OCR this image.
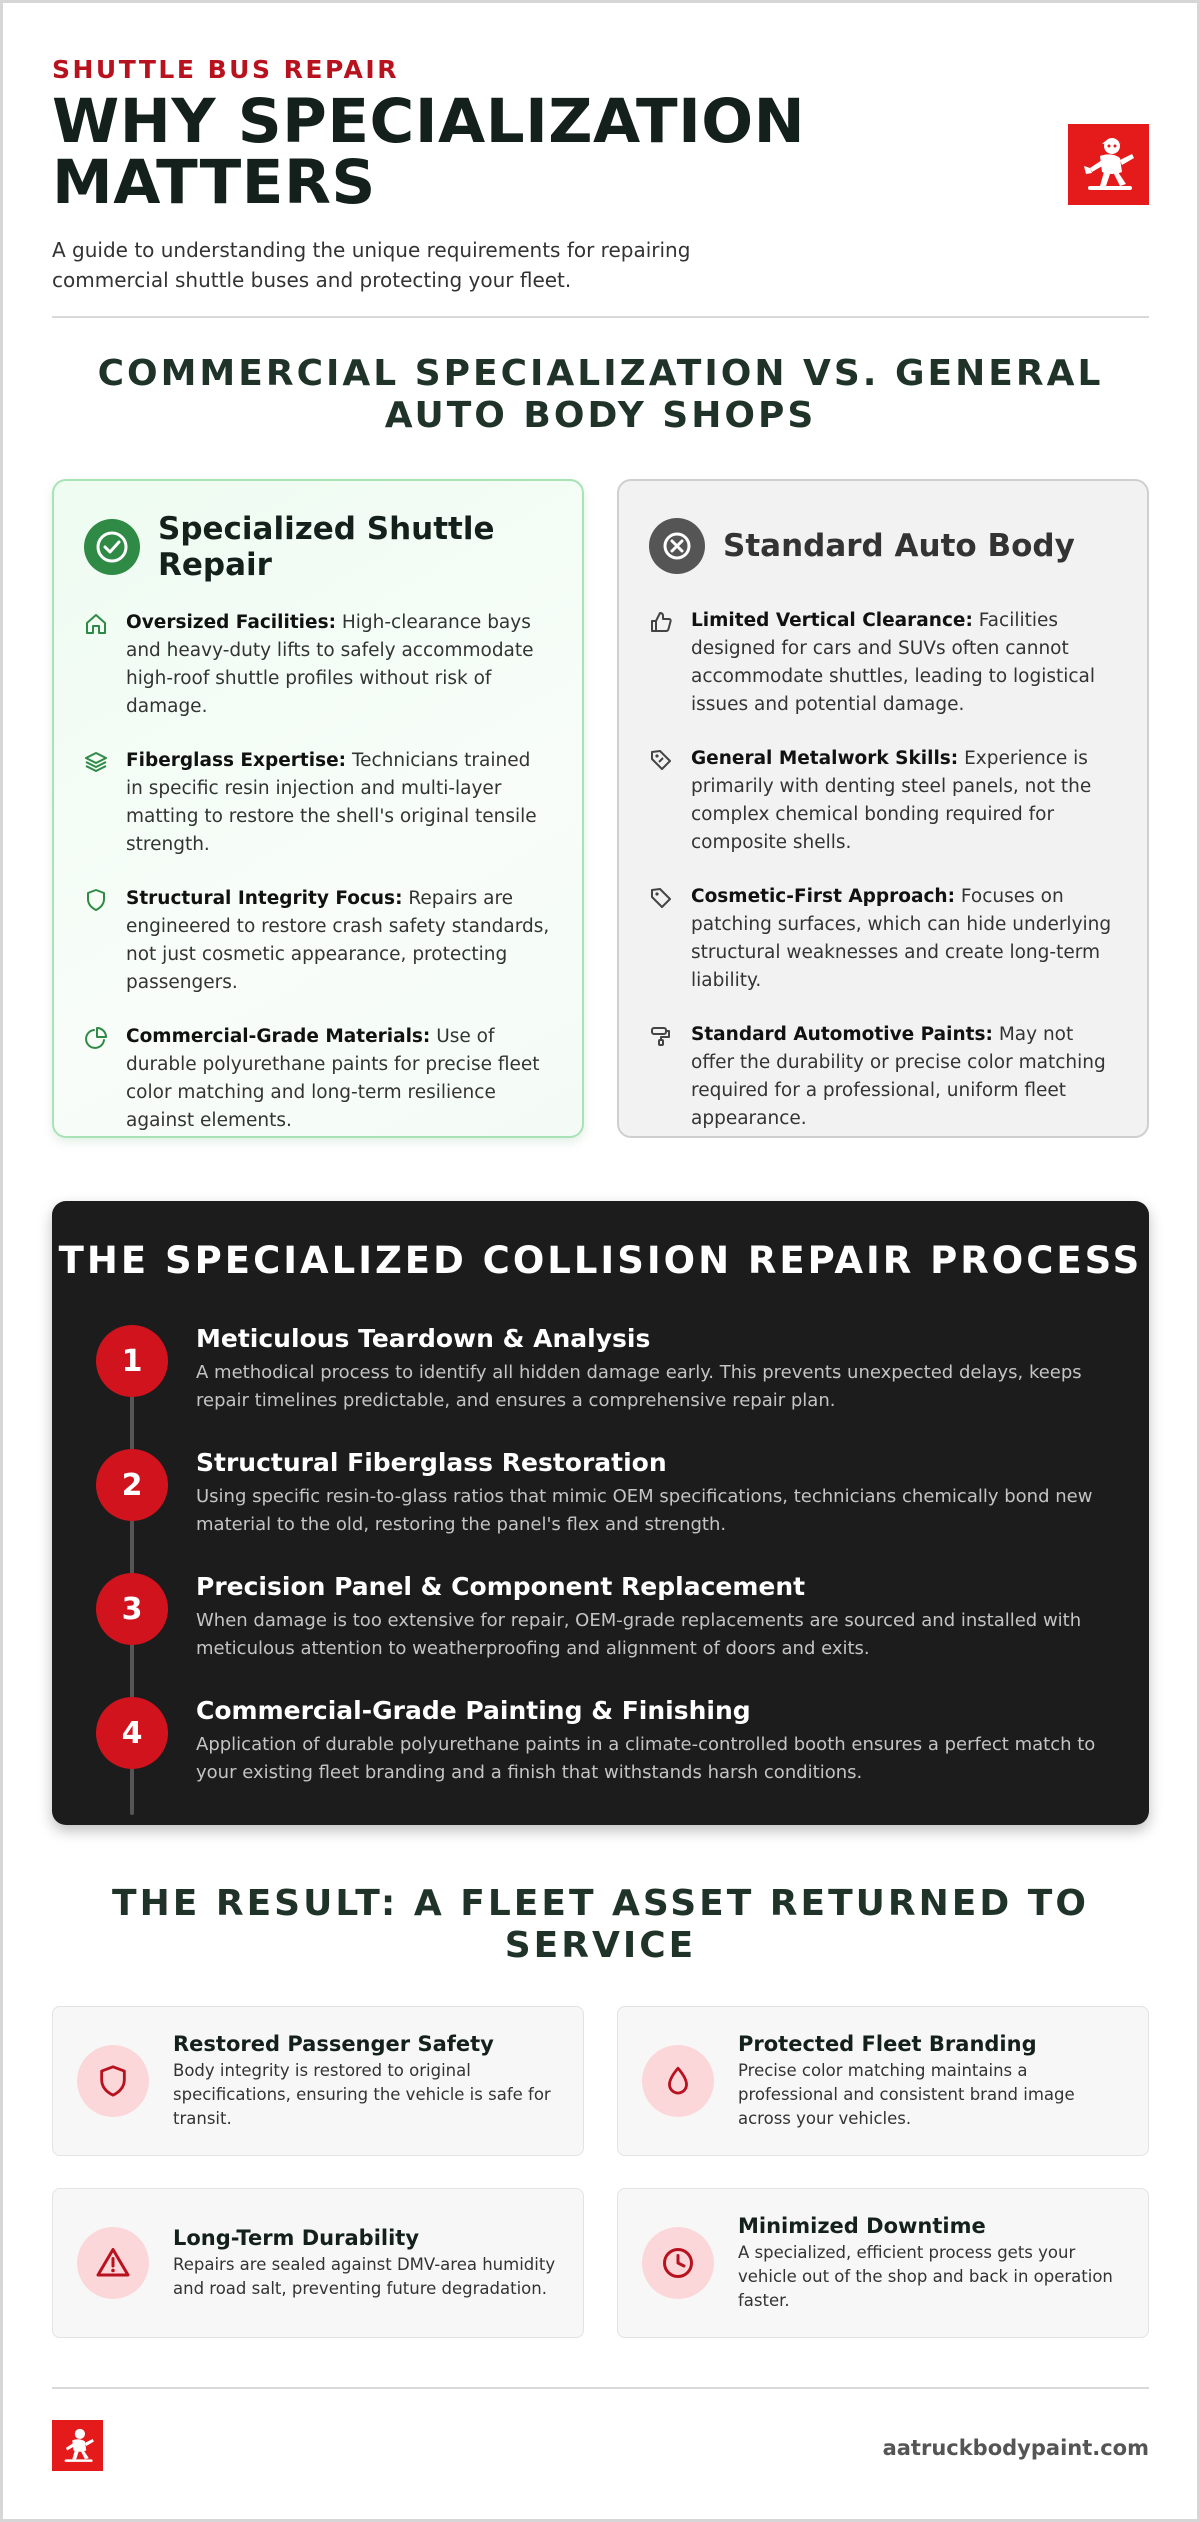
SHUTTLE BUS REPAIR
WHY SPECIALIZATION MATTERS
A guide to understanding the unique requirements for repairing commercial shuttle buses and protecting your fleet.
COMMERCIAL SPECIALIZATION VS. GENERAL AUTO BODY SHOPS
Specialized Shuttle Repair
Oversized Facilities: High-clearance bays and heavy-duty lifts to safely accommodate high-roof shuttle profiles without risk of damage.
Fiberglass Expertise: Technicians trained in specific resin injection and multi-layer matting to restore the shell's original tensile strength.
Structural Integrity Focus: Repairs are engineered to restore crash safety standards, not just cosmetic appearance, protecting passengers.
Commercial-Grade Materials: Use of durable polyurethane paints for precise fleet color matching and long-term resilience against elements.
Standard Auto Body
Limited Vertical Clearance: Facilities designed for cars and SUVs often cannot accommodate shuttles, leading to logistical issues and potential damage.
General Metalwork Skills: Experience is primarily with denting steel panels, not the complex chemical bonding required for composite shells.
Cosmetic-First Approach: Focuses on patching surfaces, which can hide underlying structural weaknesses and create long-term liability.
Standard Automotive Paints: May not offer the durability or precise color matching required for a professional, uniform fleet appearance.
THE SPECIALIZED COLLISION REPAIR PROCESS
1
Meticulous Teardown & Analysis
A methodical process to identify all hidden damage early. This prevents unexpected delays, keeps repair timelines predictable, and ensures a comprehensive repair plan.
2
Structural Fiberglass Restoration
Using specific resin-to-glass ratios that mimic OEM specifications, technicians chemically bond new material to the old, restoring the panel's flex and strength.
3
Precision Panel & Component Replacement
When damage is too extensive for repair, OEM-grade replacements are sourced and installed with meticulous attention to weatherproofing and alignment of doors and exits.
4
Commercial-Grade Painting & Finishing
Application of durable polyurethane paints in a climate-controlled booth ensures a perfect match to your existing fleet branding and a finish that withstands harsh conditions.
THE RESULT: A FLEET ASSET RETURNED TO SERVICE
Restored Passenger Safety
Body integrity is restored to original specifications, ensuring the vehicle is safe for transit.
Protected Fleet Branding
Precise color matching maintains a professional and consistent brand image across your vehicles.
Long-Term Durability
Repairs are sealed against DMV-area humidity and road salt, preventing future degradation.
Minimized Downtime
A specialized, efficient process gets your vehicle out of the shop and back in operation faster.
aatruckbodypaint.com
